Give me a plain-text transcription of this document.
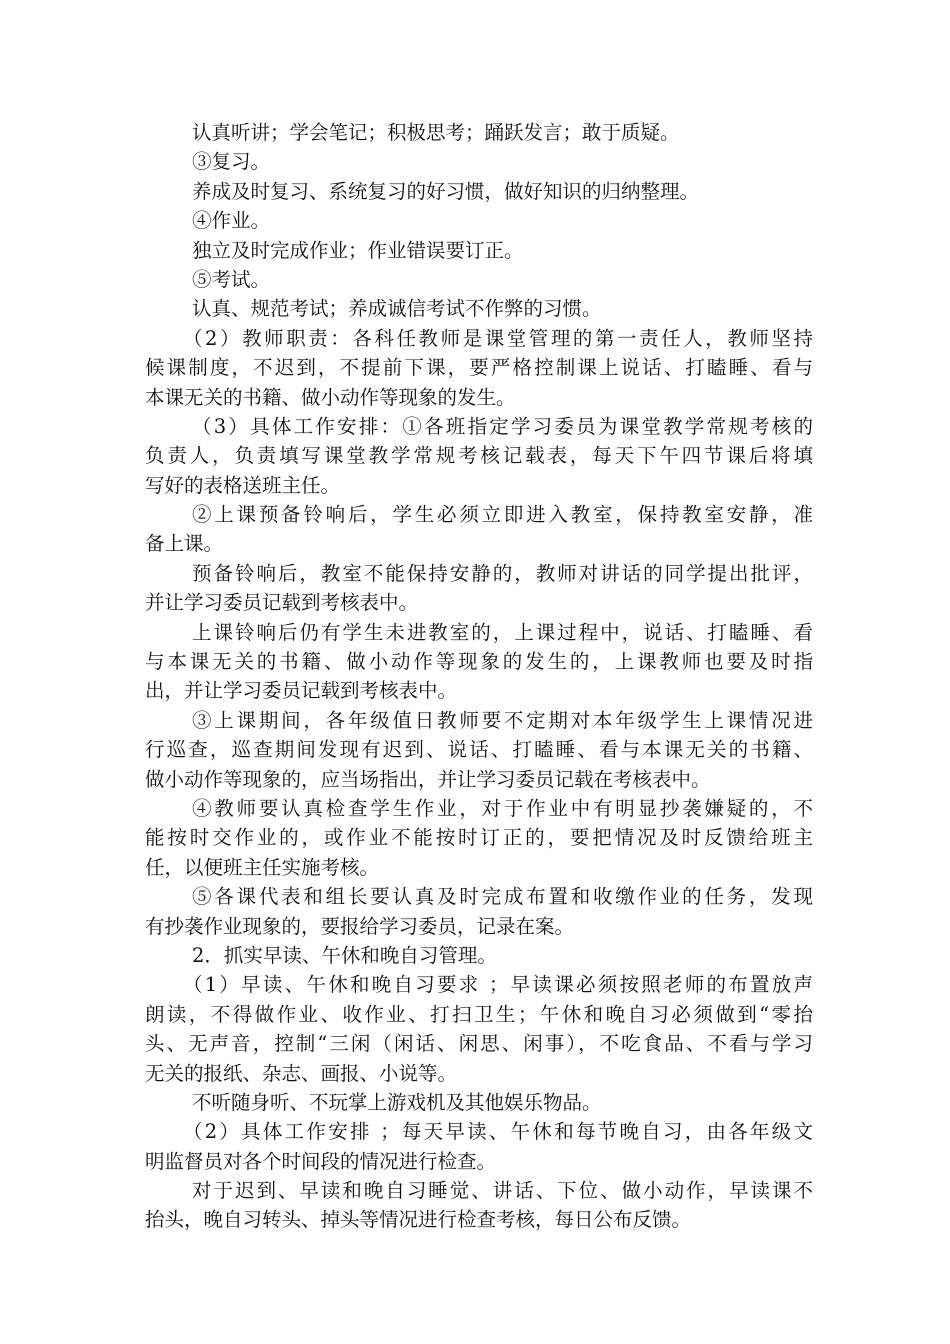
认真听讲；学会笔记；积极思考；踊跃发言；敢于质疑。
③复习。
养成及时复习、系统复习的好习惯，做好知识的归纳整理。
④作业。
独立及时完成作业；作业错误要订正。
⑤考试。
认真、规范考试；养成诚信考试不作弊的习惯。
（2）教师职责：各科任教师是课堂管理的第一责任人，教师坚持
候课制度，不迟到，不提前下课，要严格控制课上说话、打瞌睡、看与
本课无关的书籍、做小动作等现象的发生。
（3）具体工作安排：①各班指定学习委员为课堂教学常规考核的
负责人，负责填写课堂教学常规考核记载表，每天下午四节课后将填
写好的表格送班主任。
②上课预备铃响后，学生必须立即进入教室，保持教室安静，准
备上课。
预备铃响后，教室不能保持安静的，教师对讲话的同学提出批评，
并让学习委员记载到考核表中。
上课铃响后仍有学生未进教室的，上课过程中，说话、打瞌睡、看
与本课无关的书籍、做小动作等现象的发生的，上课教师也要及时指
出，并让学习委员记载到考核表中。
③上课期间，各年级值日教师要不定期对本年级学生上课情况进
行巡查，巡查期间发现有迟到、说话、打瞌睡、看与本课无关的书籍、
做小动作等现象的，应当场指出，并让学习委员记载在考核表中。
④教师要认真检查学生作业，对于作业中有明显抄袭嫌疑的，不
能按时交作业的，或作业不能按时订正的，要把情况及时反馈给班主
任，以便班主任实施考核。
⑤各课代表和组长要认真及时完成布置和收缴作业的任务，发现
有抄袭作业现象的，要报给学习委员，记录在案。
2．抓实早读、午休和晚自习管理。
（1）早读、午休和晚自习要求 ；早读课必须按照老师的布置放声
朗读，不得做作业、收作业、打扫卫生；午休和晚自习必须做到“零抬
头、无声音，控制“三闲（闲话、闲思、闲事），不吃食品、不看与学习
无关的报纸、杂志、画报、小说等。
不听随身听、不玩掌上游戏机及其他娱乐物品。
（2）具体工作安排 ；每天早读、午休和每节晚自习，由各年级文
明监督员对各个时间段的情况进行检查。
对于迟到、早读和晚自习睡觉、讲话、下位、做小动作，早读课不
抬头，晚自习转头、掉头等情况进行检查考核，每日公布反馈。
